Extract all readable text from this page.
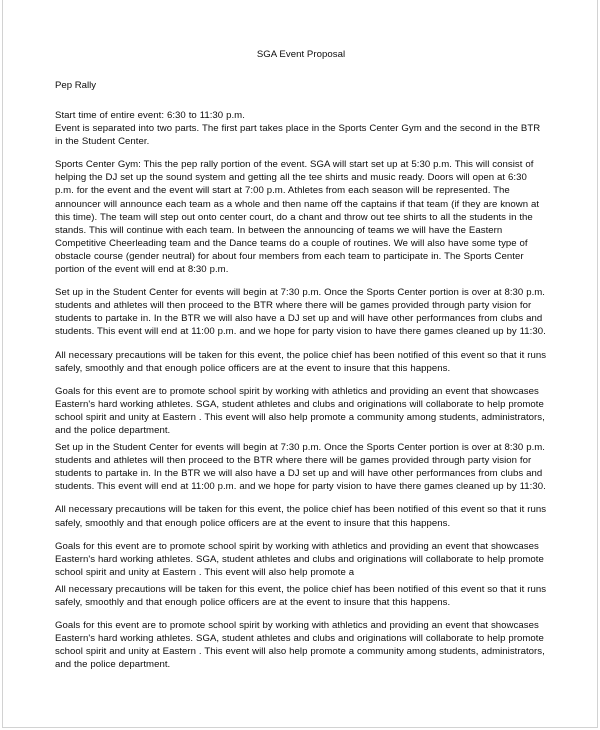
SGA Event Proposal
Pep Rally

Start time of entire event: 6:30 to 11:30 p.m.
Event is separated into two parts. The first part takes place in the Sports Center Gym and the second in the BTR in the Student Center.

Sports Center Gym: This the pep rally portion of the event. SGA will start set up at 5:30 p.m. This will consist of helping the DJ set up the sound system and getting all the tee shirts and music ready. Doors will open at 6:30 p.m. for the event and the event will start at 7:00 p.m. Athletes from each season will be represented. The announcer will announce each team as a whole and then name off the captains if that team (if they are known at this time). The team will step out onto center court, do a chant and throw out tee shirts to all the students in the stands. This will continue with each team. In between the announcing of teams we will have the Eastern Competitive Cheerleading team and the Dance teams do a couple of routines. We will also have some type of obstacle course (gender neutral) for about four members from each team to participate in. The Sports Center portion of the event will end at 8:30 p.m.

Set up in the Student Center for events will begin at 7:30 p.m. Once the Sports Center portion is over at 8:30 p.m. students and athletes will then proceed to the BTR where there will be games provided through party vision for students to partake in. In the BTR we will also have a DJ set up and will have other performances from clubs and students. This event will end at 11:00 p.m. and we hope for party vision to have there games cleaned up by 11:30.

All necessary precautions will be taken for this event, the police chief has been notified of this event so that it runs safely, smoothly and that enough police officers are at the event to insure that this happens.

Goals for this event are to promote school spirit by working with athletics and providing an event that showcases Eastern's hard working athletes. SGA, student athletes and clubs and originations will collaborate to help promote school spirit and unity at Eastern . This event will also help promote a community among students, administrators, and the police department.

Set up in the Student Center for events will begin at 7:30 p.m. Once the Sports Center portion is over at 8:30 p.m. students and athletes will then proceed to the BTR where there will be games provided through party vision for students to partake in. In the BTR we will also have a DJ set up and will have other performances from clubs and students. This event will end at 11:00 p.m. and we hope for party vision to have there games cleaned up by 11:30.

All necessary precautions will be taken for this event, the police chief has been notified of this event so that it runs safely, smoothly and that enough police officers are at the event to insure that this happens.

Goals for this event are to promote school spirit by working with athletics and providing an event that showcases Eastern's hard working athletes. SGA, student athletes and clubs and originations will collaborate to help promote school spirit and unity at Eastern . This event will also help promote a

All necessary precautions will be taken for this event, the police chief has been notified of this event so that it runs safely, smoothly and that enough police officers are at the event to insure that this happens.

Goals for this event are to promote school spirit by working with athletics and providing an event that showcases Eastern's hard working athletes. SGA, student athletes and clubs and originations will collaborate to help promote school spirit and unity at Eastern . This event will also help promote a community among students, administrators, and the police department.
